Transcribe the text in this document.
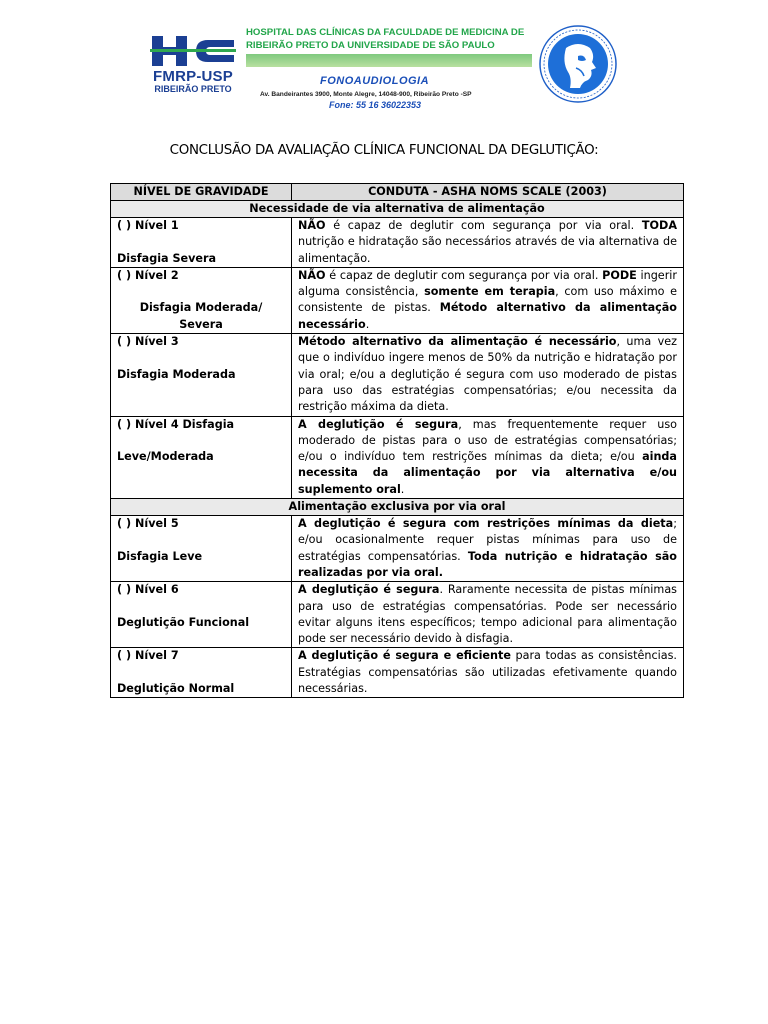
FMRP-USP
RIBEIRÃO PRETO
HOSPITAL DAS CLÍNICAS DA FACULDADE DE MEDICINA DE RIBEIRÃO PRETO DA UNIVERSIDADE DE SÃO PAULO
FONOAUDIOLOGIA
Av. Bandeirantes 3900, Monte Alegre, 14048-900, Ribeirão Preto -SP
Fone: 55 16 36022353
CONCLUSÃO DA AVALIAÇÃO CLÍNICA FUNCIONAL DA DEGLUTIÇÃO:
NÍVEL DE GRAVIDADE	CONDUTA - ASHA NOMS SCALE (2003)
Necessidade de via alternativa de alimentação	

( ) Nível 1
Disfagia Severa	NÃO é capaz de deglutir com segurança por via oral. TODA nutrição e hidratação são necessários através de via alternativa de alimentação.

( ) Nível 2
Disfagia Moderada/ Severa	NÃO é capaz de deglutir com segurança por via oral. PODE ingerir alguma consistência, somente em terapia, com uso máximo e consistente de pistas. Método alternativo da alimentação necessário.

( ) Nível 3
Disfagia Moderada	Método alternativo da alimentação é necessário, uma vez que o indivíduo ingere menos de 50% da nutrição e hidratação por via oral; e/ou a deglutição é segura com uso moderado de pistas para uso das estratégias compensatórias; e/ou necessita da restrição máxima da dieta.

( ) Nível 4 Disfagia
Leve/Moderada	A deglutição é segura, mas frequentemente requer uso moderado de pistas para o uso de estratégias compensatórias; e/ou o indivíduo tem restrições mínimas da dieta; e/ou ainda necessita da alimentação por via alternativa e/ou suplemento oral.
Alimentação exclusiva por via oral	

( ) Nível 5
Disfagia Leve	A deglutição é segura com restrições mínimas da dieta; e/ou ocasionalmente requer pistas mínimas para uso de estratégias compensatórias. Toda nutrição e hidratação são realizadas por via oral.

( ) Nível 6
Deglutição Funcional	A deglutição é segura. Raramente necessita de pistas mínimas para uso de estratégias compensatórias. Pode ser necessário evitar alguns itens específicos; tempo adicional para alimentação pode ser necessário devido à disfagia.

( ) Nível 7
Deglutição Normal	A deglutição é segura e eficiente para todas as consistências. Estratégias compensatórias são utilizadas efetivamente quando necessárias.
